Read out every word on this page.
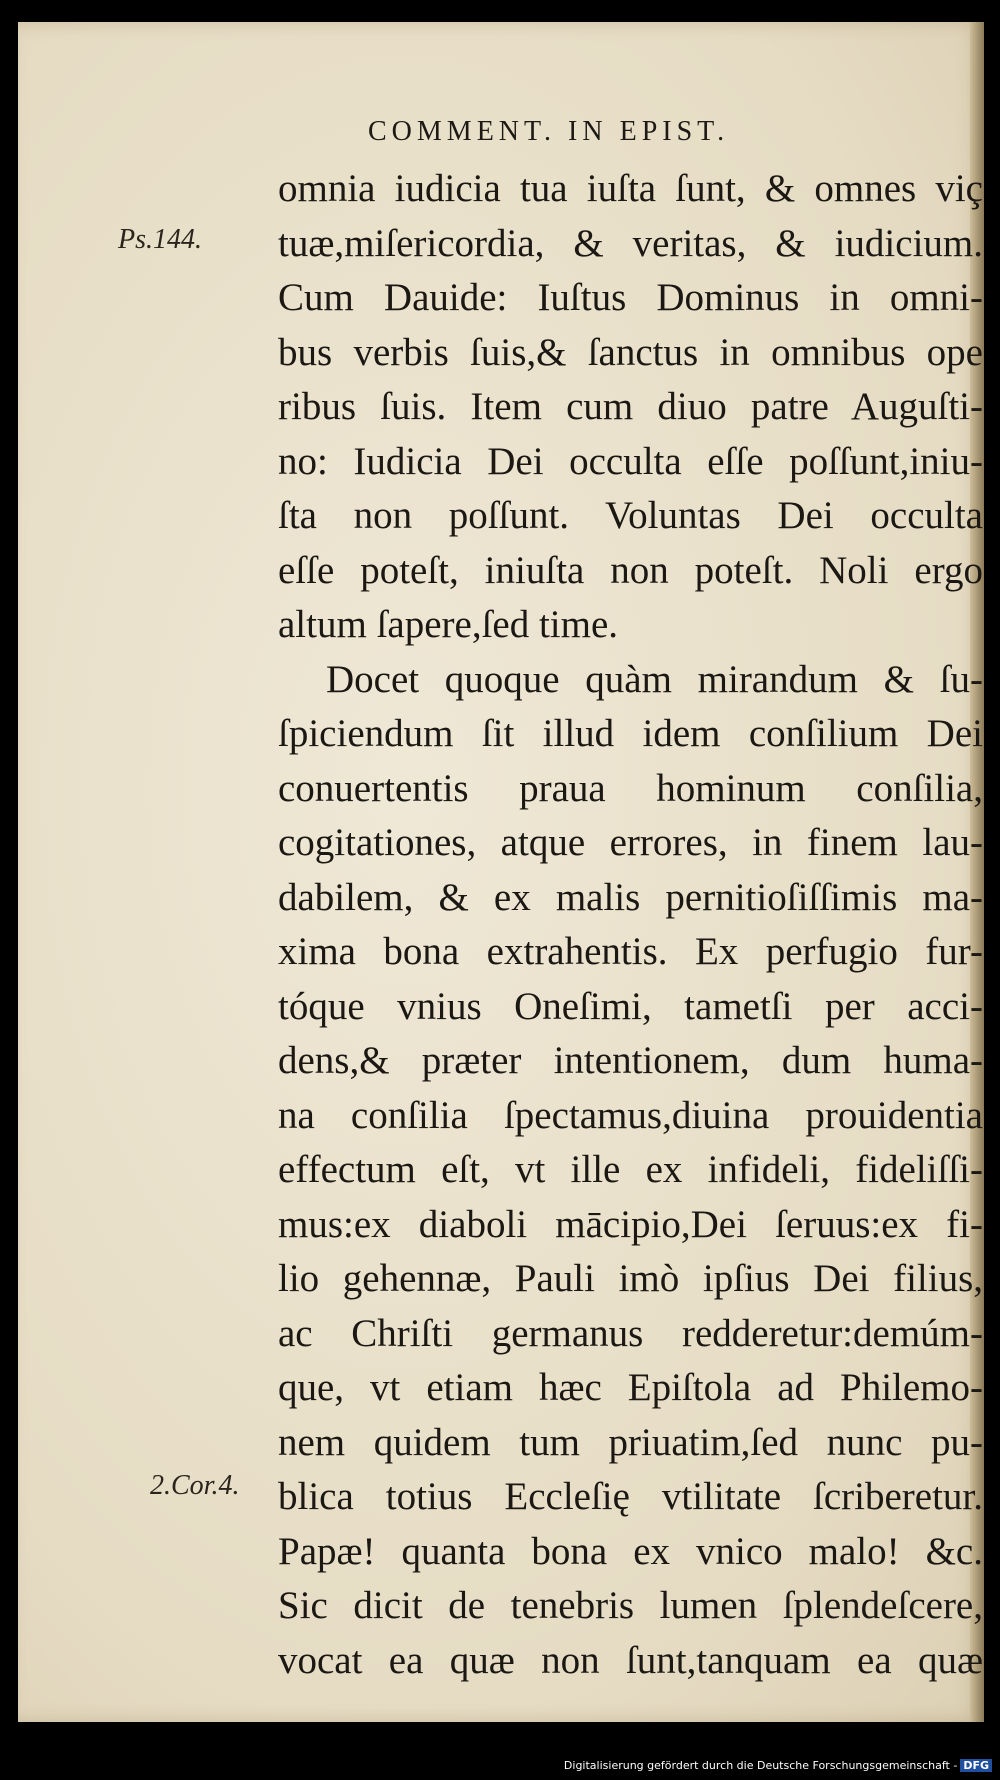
COMMENT. IN EPIST.
Ps.144.
2.Cor.4.
omnia iudicia tua iuſta ſunt, & omnes viç
tuæ,miſericordia, & veritas, & iudicium.
Cum Dauide: Iuſtus Dominus in omni-
bus verbis ſuis,& ſanctus in omnibus ope
ribus ſuis. Item cum diuo patre Auguſti-
no: Iudicia Dei occulta eſſe poſſunt,iniu-
ſta non poſſunt. Voluntas Dei occulta
eſſe poteſt, iniuſta non poteſt. Noli ergo
altum ſapere,ſed time.
Docet quoque quàm mirandum & ſu-
ſpiciendum ſit illud idem conſilium Dei
conuertentis praua hominum conſilia,
cogitationes, atque errores, in finem lau-
dabilem, & ex malis pernitioſiſſimis ma-
xima bona extrahentis. Ex perfugio fur-
tóque vnius Oneſimi, tametſi per acci-
dens,& præter intentionem, dum huma-
na conſilia ſpectamus,diuina prouidentia
effectum eſt, vt ille ex infideli, fideliſſi-
mus:ex diaboli mācipio,Dei ſeruus:ex fi-
lio gehennæ, Pauli imò ipſius Dei filius,
ac Chriſti germanus redderetur:demúm-
que, vt etiam hæc Epiſtola ad Philemo-
nem quidem tum priuatim,ſed nunc pu-
blica totius Eccleſię vtilitate ſcriberetur.
Papæ! quanta bona ex vnico malo! &c.
Sic dicit de tenebris lumen ſplendeſcere,
vocat ea quæ non ſunt,tanquam ea quæ
Digitalisierung gefördert durch die Deutsche Forschungsgemeinschaft - DFG
